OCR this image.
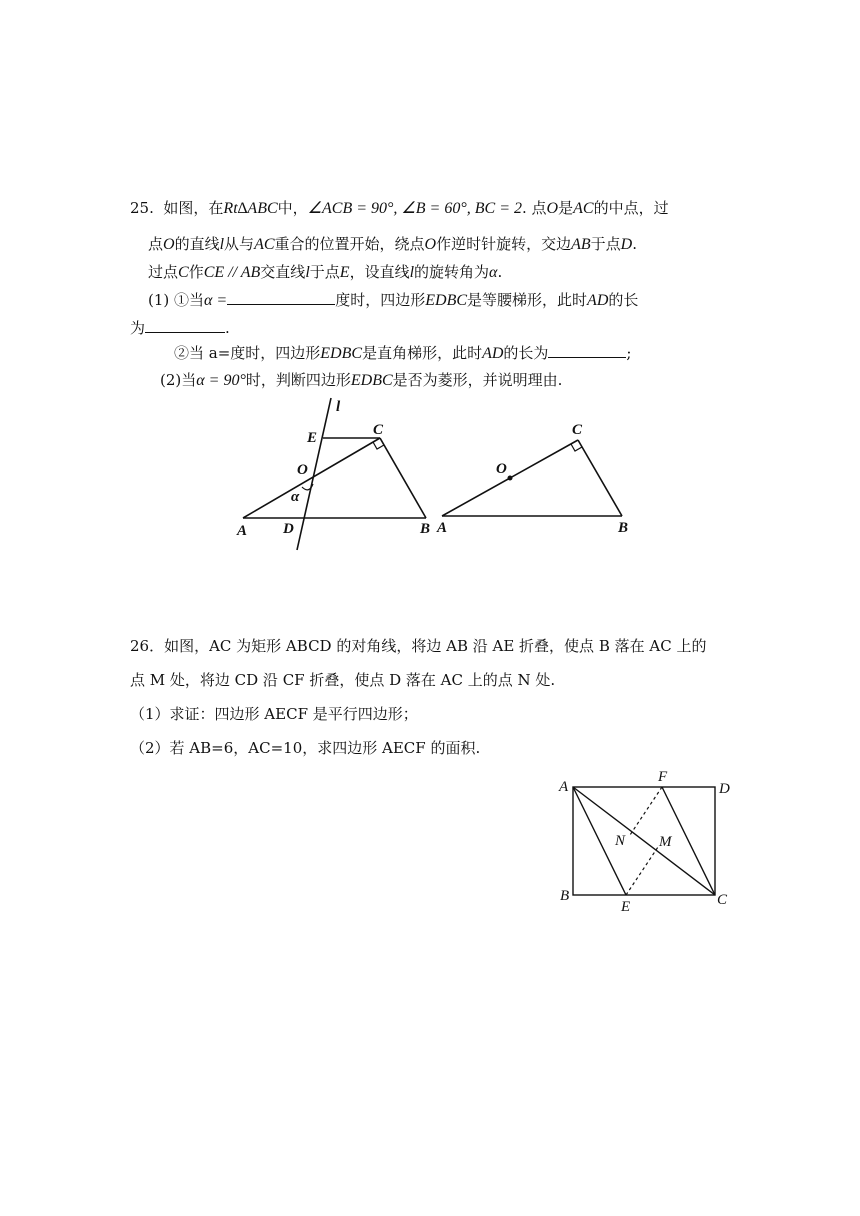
25. 如图，在Rt∆ABC中，∠ACB = 90°, ∠B = 60°, BC = 2. 点O是AC的中点，过
点O的直线l从与AC重合的位置开始，绕点O作逆时针旋转，交边AB于点D.
过点C作CE // AB交直线l于点E，设直线l的旋转角为α.
(1) ①当α =	度时，四边形EDBC是等腰梯形，此时AD的长
为	.
②当 a=度时，四边形EDBC是直角梯形，此时AD的长为	;
(2)当α = 90°时，判断四边形EDBC是否为菱形，并说明理由.
l
E	C
O
α
A D	B
C
O
A	B
26．如图，AC 为矩形 ABCD 的对角线，将边 AB 沿 AE 折叠，使点 B 落在 AC 上的
点 M 处，将边 CD 沿 CF 折叠，使点 D 落在 AC 上的点 N 处.
（1）求证：四边形 AECF 是平行四边形；
（2）若 AB=6，AC=10，求四边形 AECF 的面积.
A
F
D
N M
B
E	C
